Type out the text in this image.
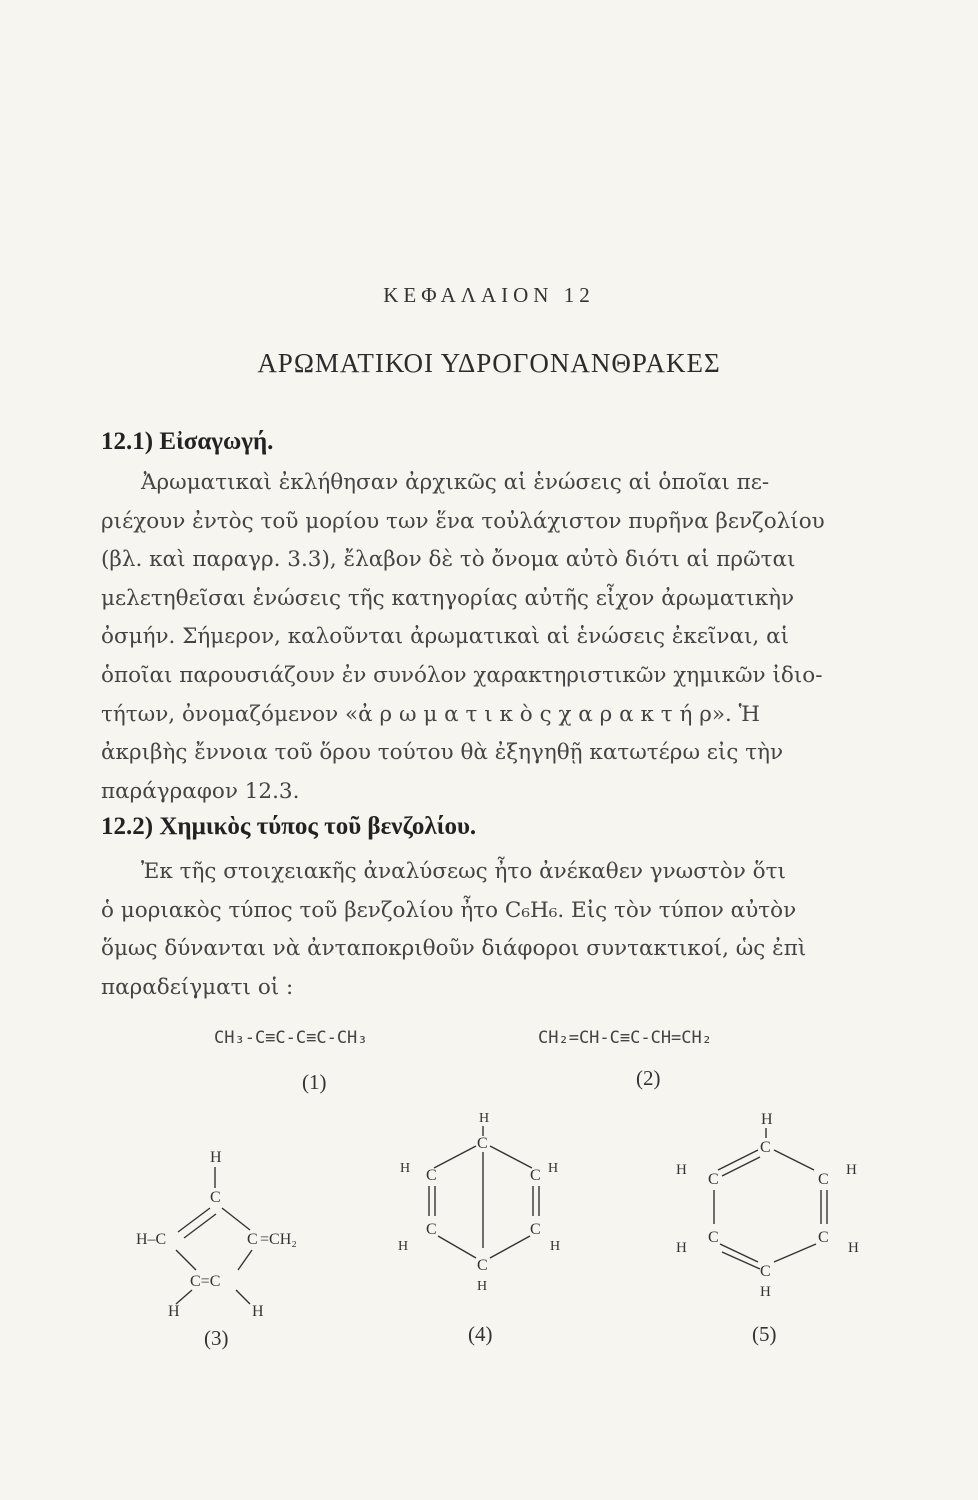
ΚΕΦΑΛΑΙΟΝ 12
ΑΡΩΜΑΤΙΚΟΙ ΥΔΡΟΓΟΝΑΝΘΡΑΚΕΣ
12.1) Εἰσαγωγή.
Ἀρωματικαὶ ἐκλήθησαν ἀρχικῶς αἱ ἑνώσεις αἱ ὁποῖαι πε-
ριέχουν ἐντὸς τοῦ μορίου των ἕνα τοὐλάχιστον πυρῆνα βενζολίου
(βλ. καὶ παραγρ. 3.3), ἔλαβον δὲ τὸ ὄνομα αὐτὸ διότι αἱ πρῶται
μελετηθεῖσαι ἑνώσεις τῆς κατηγορίας αὐτῆς εἶχον ἀρωματικὴν
ὀσμήν. Σήμερον, καλοῦνται ἀρωματικαὶ αἱ ἑνώσεις ἐκεῖναι, αἱ
ὁποῖαι παρουσιάζουν ἐν συνόλον χαρακτηριστικῶν χημικῶν ἰδιο-
τήτων, ὀνομαζόμενον «ἀ ρ ω μ α τ ι κ ὸ ς χ α ρ α κ τ ή ρ». Ἡ
ἀκριβὴς ἔννοια τοῦ ὅρου τούτου θὰ ἐξηγηθῇ κατωτέρω εἰς τὴν
παράγραφον 12.3.
12.2) Χημικὸς τύπος τοῦ βενζολίου.
Ἐκ τῆς στοιχειακῆς ἀναλύσεως ἦτο ἀνέκαθεν γνωστὸν ὅτι
ὁ μοριακὸς τύπος τοῦ βενζολίου ἦτο C₆H₆. Εἰς τὸν τύπον αὐτὸν
ὅμως δύνανται νὰ ἀνταποκριθοῦν διάφοροι συντακτικοί, ὡς ἐπὶ
παραδείγματι οἱ :
CH₃-C≡C-C≡C-CH₃
(1)
CH₂=CH-C≡C-CH=CH₂
(2)
H
C
H–C	C =CH₂
C=C
H	H
(3)
H
C
H C	C H
C	C
H	H
C
H
(4)
H
C
H
C	C
H
C	C
H	H
C
H
(5)
